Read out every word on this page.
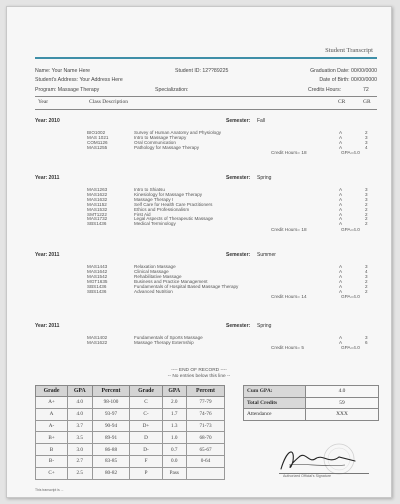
Student Transcript
Name: Your Name Here	Student ID: 12??89225	Graduation Date: 00/00/0000
Student's Address: Your Address Here	Date of Birth: 00/00/0000
Program: Massage Therapy	Specialization:	Credits Hours:	72
Year	Class Description	CR	GR
Year: 2010	Semester: Fall
BIO1002	Survey of Human Anatomy and Physiology	A	2
MAS 1021	Intro to Massage Therapy	A	3
COM1126	Oral Communication	A	3
MAS1255	Pathology for Massage Therapy	A	4
Credit Hours= 18	GPA=4.0
Year: 2011	Semester: Spring
MAS1263	Intro to Shiatsu	A	3
MAS1622	Kinesiology for Massage Therapy	A	3
MAS1632	Massage Therapy I	A	3
MAS1152	Self Care for Health Care Practitioners	A	2
MAS1532	Ethics and Professionalism	A	2
SMT1222	First Aid	A	2
MAS1732	Legal Aspects of Therapeutic Massage	A	2
SBS1436	Medical Terminology	A	2
Credit Hours= 18	GPA=4.0
Year: 2011	Semester: Summer
MAS1443	Relaxation Massage	A	3
MAS1642	Clinical Massage	A	4
MAS1542	Rehabilitative Massage	A	3
MGT1635	Business and Practice Management	A	2
SBS1436	Fundamentals of Hospital Based Massage Therapy	A	2
SBS1436	Advanced Nutrition	A	2
Credit Hours= 14	GPA=4.0
Year: 2011	Semester: Spring
MAS1402	Fundamentals of Sports Massage	A	3
MAS1622	Massage Therapy Externship	A	6
Credit Hours= 5	GPA=4.0
---- END OF RECORD ----
-- No entries below this line --
Grade	GPA	Percent	Grade	GPA	Percent
A+	4.0	98-100	C	2.0	77-79
A	4.0	93-97	C-	1.7	74-76
A-	3.7	90-94	D+	1.3	71-73
B+	3.5	89-91	D	1.0	68-70
B	3.0	86-88	D-	0.7	65-67
B-	2.7	83-85	F	0.0	0-64
C+	2.5	80-82	P	Pass	
Cum GPA:	4.0
Total Credits	59
Attendance	XXX
Authorized Official's Signature
This transcript is ...
